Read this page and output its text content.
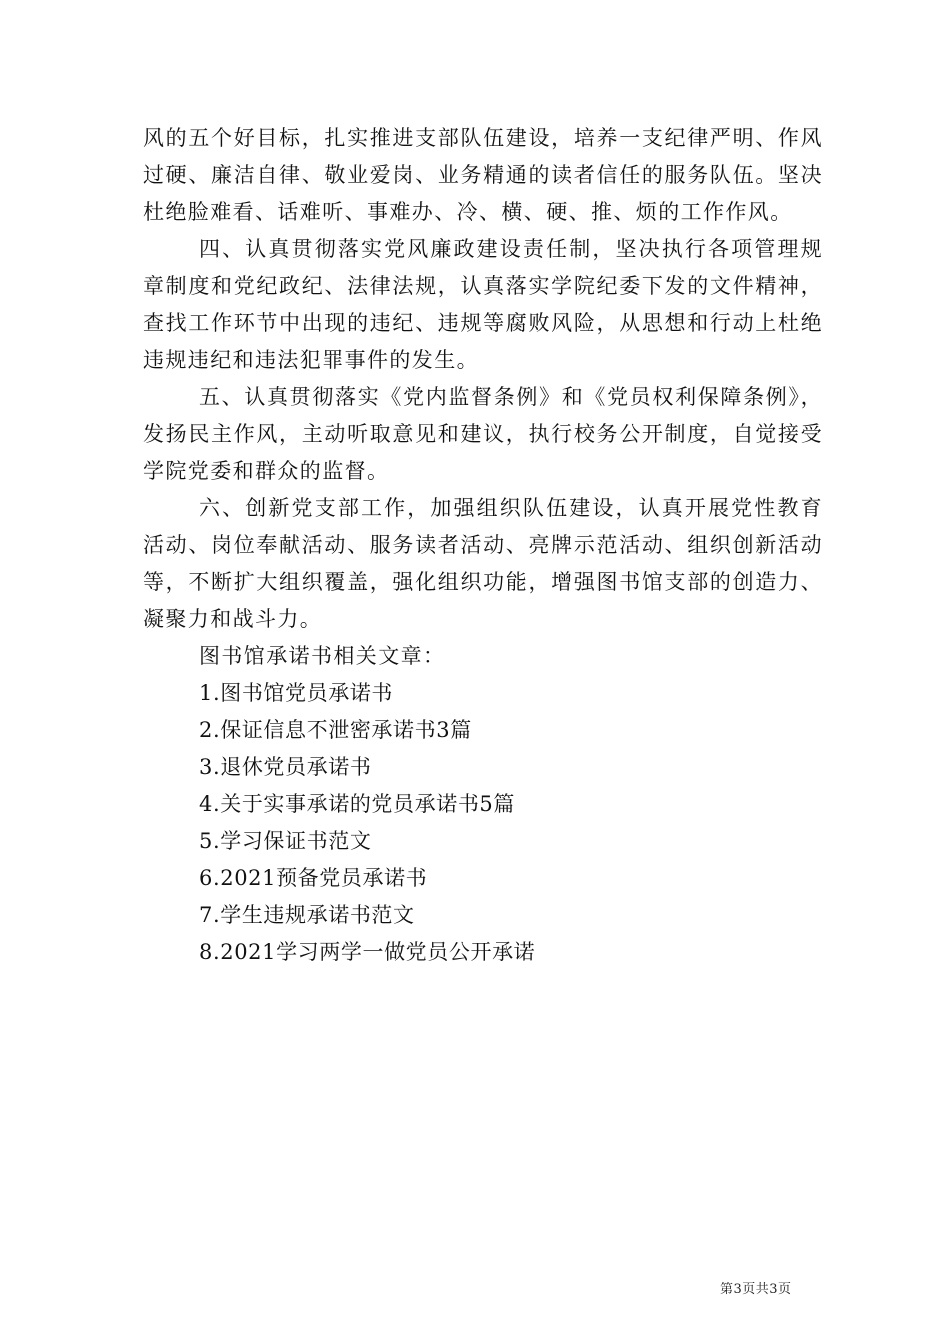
风的五个好目标，扎实推进支部队伍建设，培养一支纪律严明、作风过硬、廉洁自律、敬业爱岗、业务精通的读者信任的服务队伍。坚决杜绝脸难看、话难听、事难办、冷、横、硬、推、烦的工作作风。

四、认真贯彻落实党风廉政建设责任制，坚决执行各项管理规章制度和党纪政纪、法律法规，认真落实学院纪委下发的文件精神，查找工作环节中出现的违纪、违规等腐败风险，从思想和行动上杜绝违规违纪和违法犯罪事件的发生。

五、认真贯彻落实《党内监督条例》和《党员权利保障条例》，发扬民主作风，主动听取意见和建议，执行校务公开制度，自觉接受学院党委和群众的监督。

六、创新党支部工作，加强组织队伍建设，认真开展党性教育活动、岗位奉献活动、服务读者活动、亮牌示范活动、组织创新活动等，不断扩大组织覆盖，强化组织功能，增强图书馆支部的创造力、凝聚力和战斗力。

图书馆承诺书相关文章：

1.图书馆党员承诺书
2.保证信息不泄密承诺书3篇
3.退休党员承诺书
4.关于实事承诺的党员承诺书5篇
5.学习保证书范文
6.2021预备党员承诺书
7.学生违规承诺书范文
8.2021学习两学一做党员公开承诺
第3页共3页
